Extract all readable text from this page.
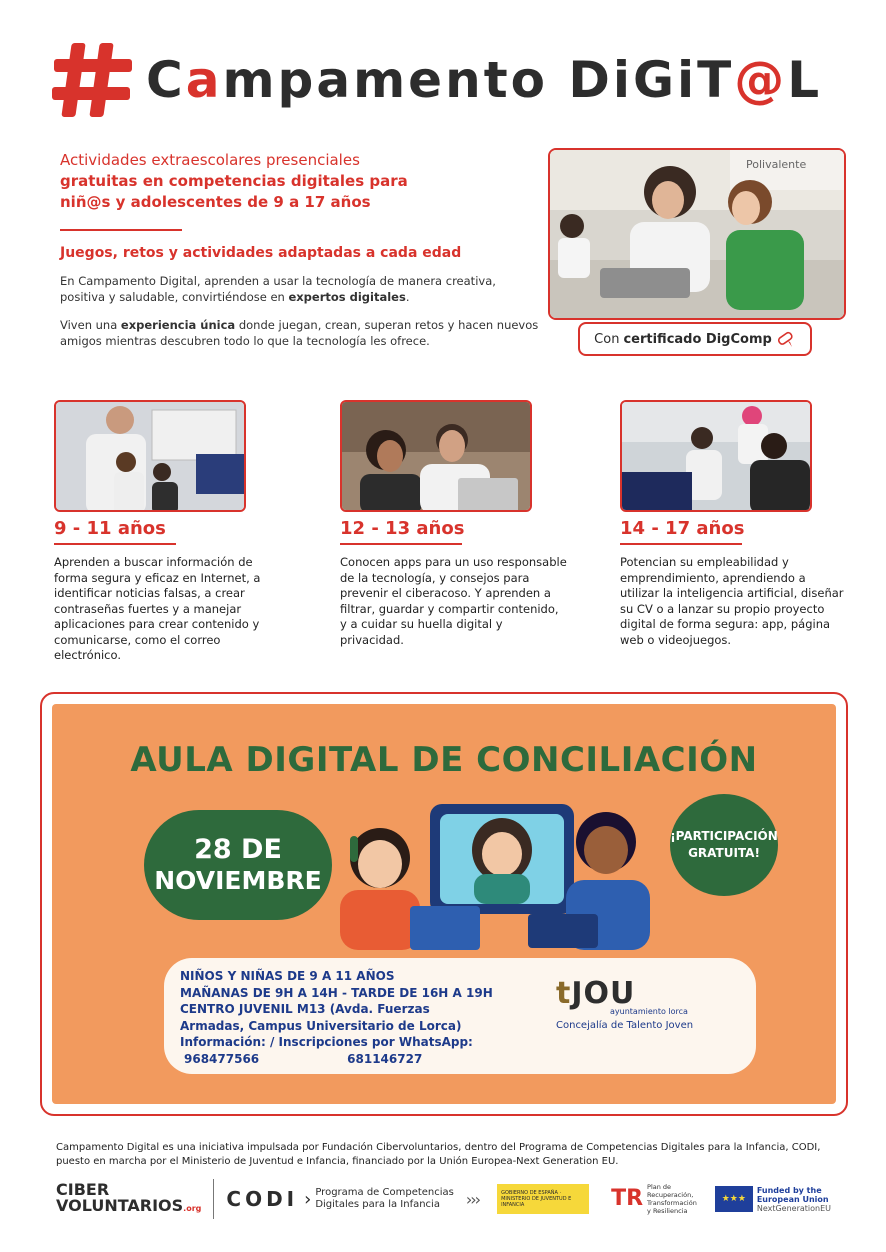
Campamento DiGiT@L
Actividades extraescolares presenciales
gratuitas en competencias digitales para
niñ@s y adolescentes de 9 a 17 años
Juegos, retos y actividades adaptadas a cada edad

En Campamento Digital, aprenden a usar la tecnología de manera creativa, positiva y saludable, convirtiéndose en expertos digitales.

Viven una experiencia única donde juegan, crean, superan retos y hacen nuevos amigos mientras descubren todo lo que la tecnología les ofrece.

Polivalente
Con certificado DigComp
9 - 11 años

Aprenden a buscar información de forma segura y eficaz en Internet, a identificar noticias falsas, a crear contraseñas fuertes y a manejar aplicaciones para crear contenido y comunicarse, como el correo electrónico.

12 - 13 años

Conocen apps para un uso responsable de la tecnología, y consejos para prevenir el ciberacoso. Y aprenden a filtrar, guardar y compartir contenido, y a cuidar su huella digital y privacidad.

14 - 17 años

Potencian su empleabilidad y emprendimiento, aprendiendo a utilizar la inteligencia artificial, diseñar su CV o a lanzar su propio proyecto digital de forma segura: app, página web o videojuegos.

AULA DIGITAL DE CONCILIACIÓN
28 DE
NOVIEMBRE
¡PARTICIPACIÓN
GRATUITA!
NIÑOS Y NIÑAS DE 9 A 11 AÑOS
MAÑANAS DE 9H A 14H - TARDE DE 16H A 19H
CENTRO JUVENIL M13 (Avda. Fuerzas
Armadas, Campus Universitario de Lorca)
Información: / Inscripciones por WhatsApp:
968477566	681146727
tJOU
ayuntamiento lorca
Concejalía de Talento Joven

Campamento Digital es una iniciativa impulsada por Fundación Cibervoluntarios, dentro del Programa de Competencias Digitales para la Infancia, CODI, puesto en marcha por el Ministerio de Juventud e Infancia, financiado por la Unión Europea-Next Generation EU.

CIBER
VOLUNTARIOS.org CODI › Programa de Competencias
Digitales para la Infancia	›››	GOBIERNO DE ESPAÑA · MINISTERIO DE JUVENTUD E INFANCIA	TR Plan de
Recuperación,
Transformación
y Resiliencia
★★★
Funded by the
European Union
NextGenerationEU
